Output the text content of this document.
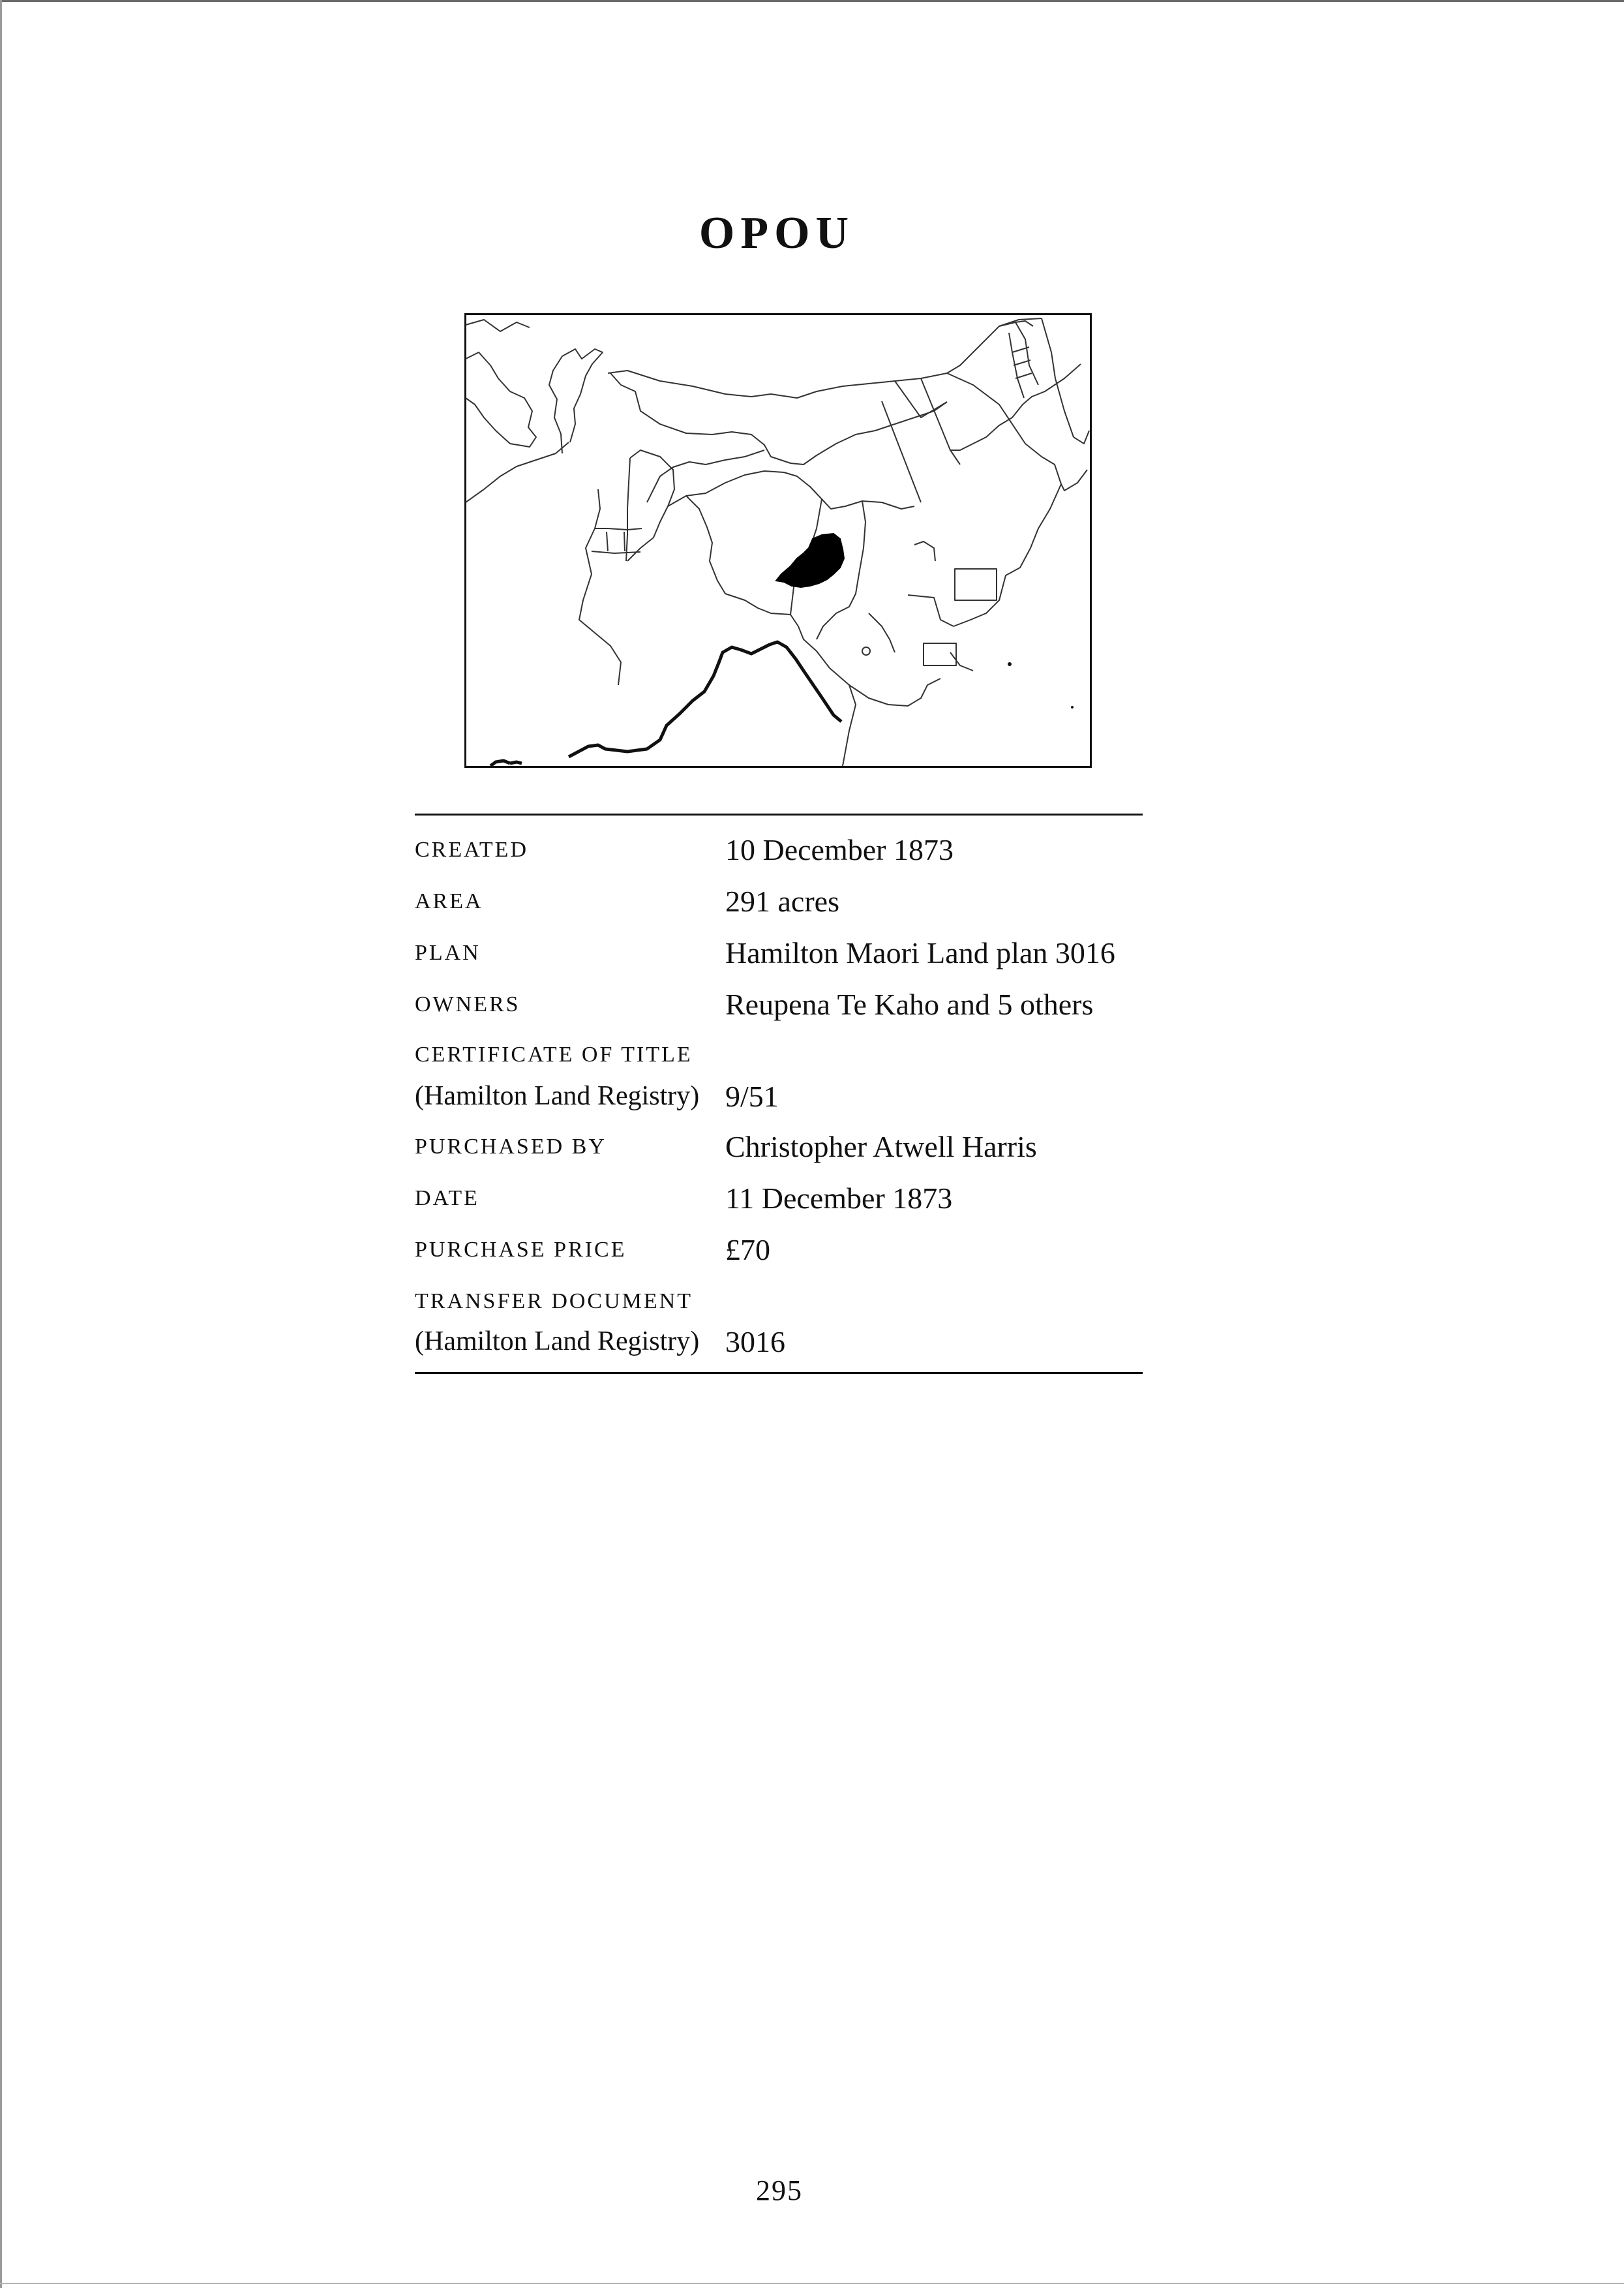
OPOU
CREATED	10 December 1873
AREA	291 acres
PLAN	Hamilton Maori Land plan 3016
OWNERS	Reupena Te Kaho and 5 others
CERTIFICATE OF TITLE
(Hamilton Land Registry) 9/51
PURCHASED BY	Christopher Atwell Harris
DATE	11 December 1873
PURCHASE PRICE	£70
TRANSFER DOCUMENT
(Hamilton Land Registry) 3016
295
